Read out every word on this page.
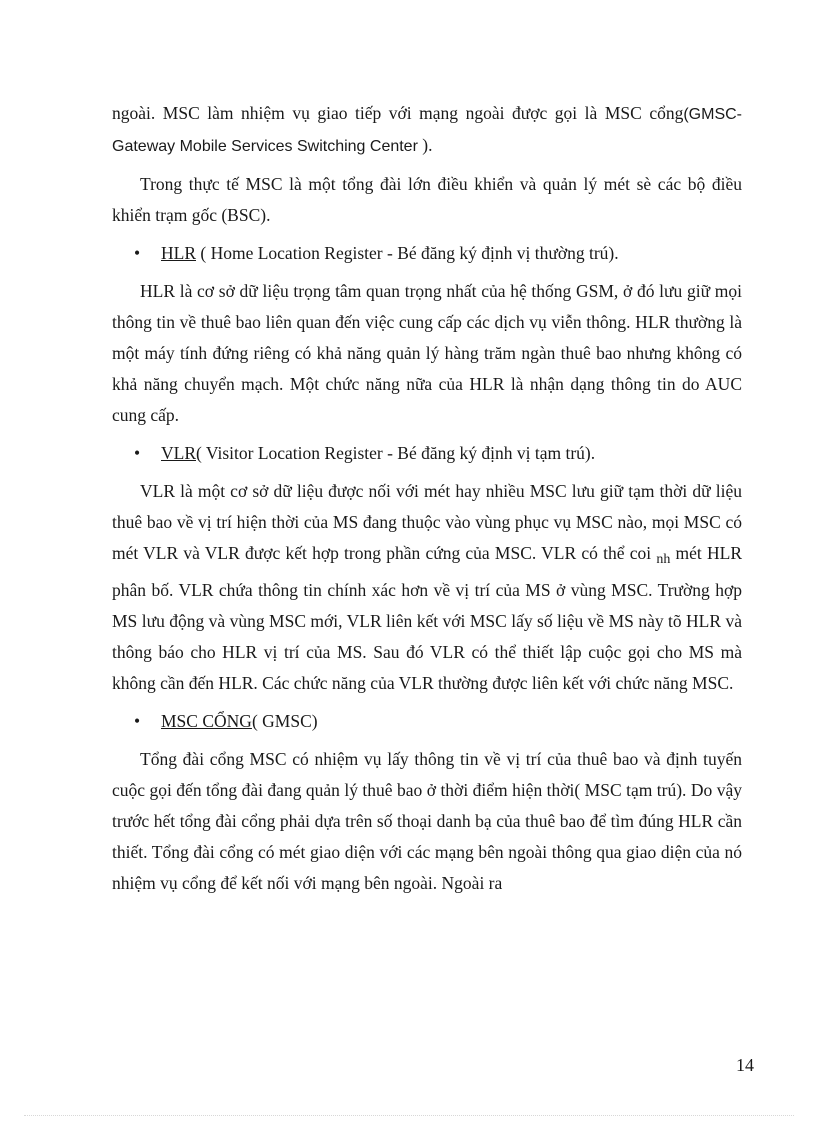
ngoài. MSC làm nhiệm vụ giao tiếp với mạng ngoài được gọi là MSC cổng(GMSC- Gateway Mobile Services Switching Center ).

Trong thực tế MSC là một tổng đài lớn điều khiển và quản lý mét sè các bộ điều khiển trạm gốc (BSC).

• HLR ( Home Location Register - Bé đăng ký định vị thường trú).

HLR là cơ sở dữ liệu trọng tâm quan trọng nhất của hệ thống GSM, ở đó lưu giữ mọi thông tin về thuê bao liên quan đến việc cung cấp các dịch vụ viễn thông. HLR thường là một máy tính đứng riêng có khả năng quản lý hàng trăm ngàn thuê bao nhưng không có khả năng chuyển mạch. Một chức năng nữa của HLR là nhận dạng thông tin do AUC cung cấp.

• VLR( Visitor Location Register - Bé đăng ký định vị tạm trú).

VLR là một cơ sở dữ liệu được nối với mét hay nhiều MSC lưu giữ tạm thời dữ liệu thuê bao về vị trí hiện thời của MS đang thuộc vào vùng phục vụ MSC nào, mọi MSC có mét VLR và VLR được kết hợp trong phần cứng của MSC. VLR có thể coi $_{nh}$ mét HLR phân bố. VLR chứa thông tin chính xác hơn về vị trí của MS ở vùng MSC. Trường hợp MS lưu động và vùng MSC mới, VLR liên kết với MSC lấy số liệu về MS này tõ HLR và thông báo cho HLR vị trí của MS. Sau đó VLR có thể thiết lập cuộc gọi cho MS mà không cần đến HLR. Các chức năng của VLR thường được liên kết với chức năng MSC.

• MSC CỔNG( GMSC)

Tổng đài cổng MSC có nhiệm vụ lấy thông tin về vị trí của thuê bao và định tuyến cuộc gọi đến tổng đài đang quản lý thuê bao ở thời điểm hiện thời( MSC tạm trú). Do vậy trước hết tổng đài cổng phải dựa trên số thoại danh bạ của thuê bao để tìm đúng HLR cần thiết. Tổng đài cổng có mét giao diện với các mạng bên ngoài thông qua giao diện của nó nhiệm vụ cổng để kết nối với mạng bên ngoài. Ngoài ra

14
